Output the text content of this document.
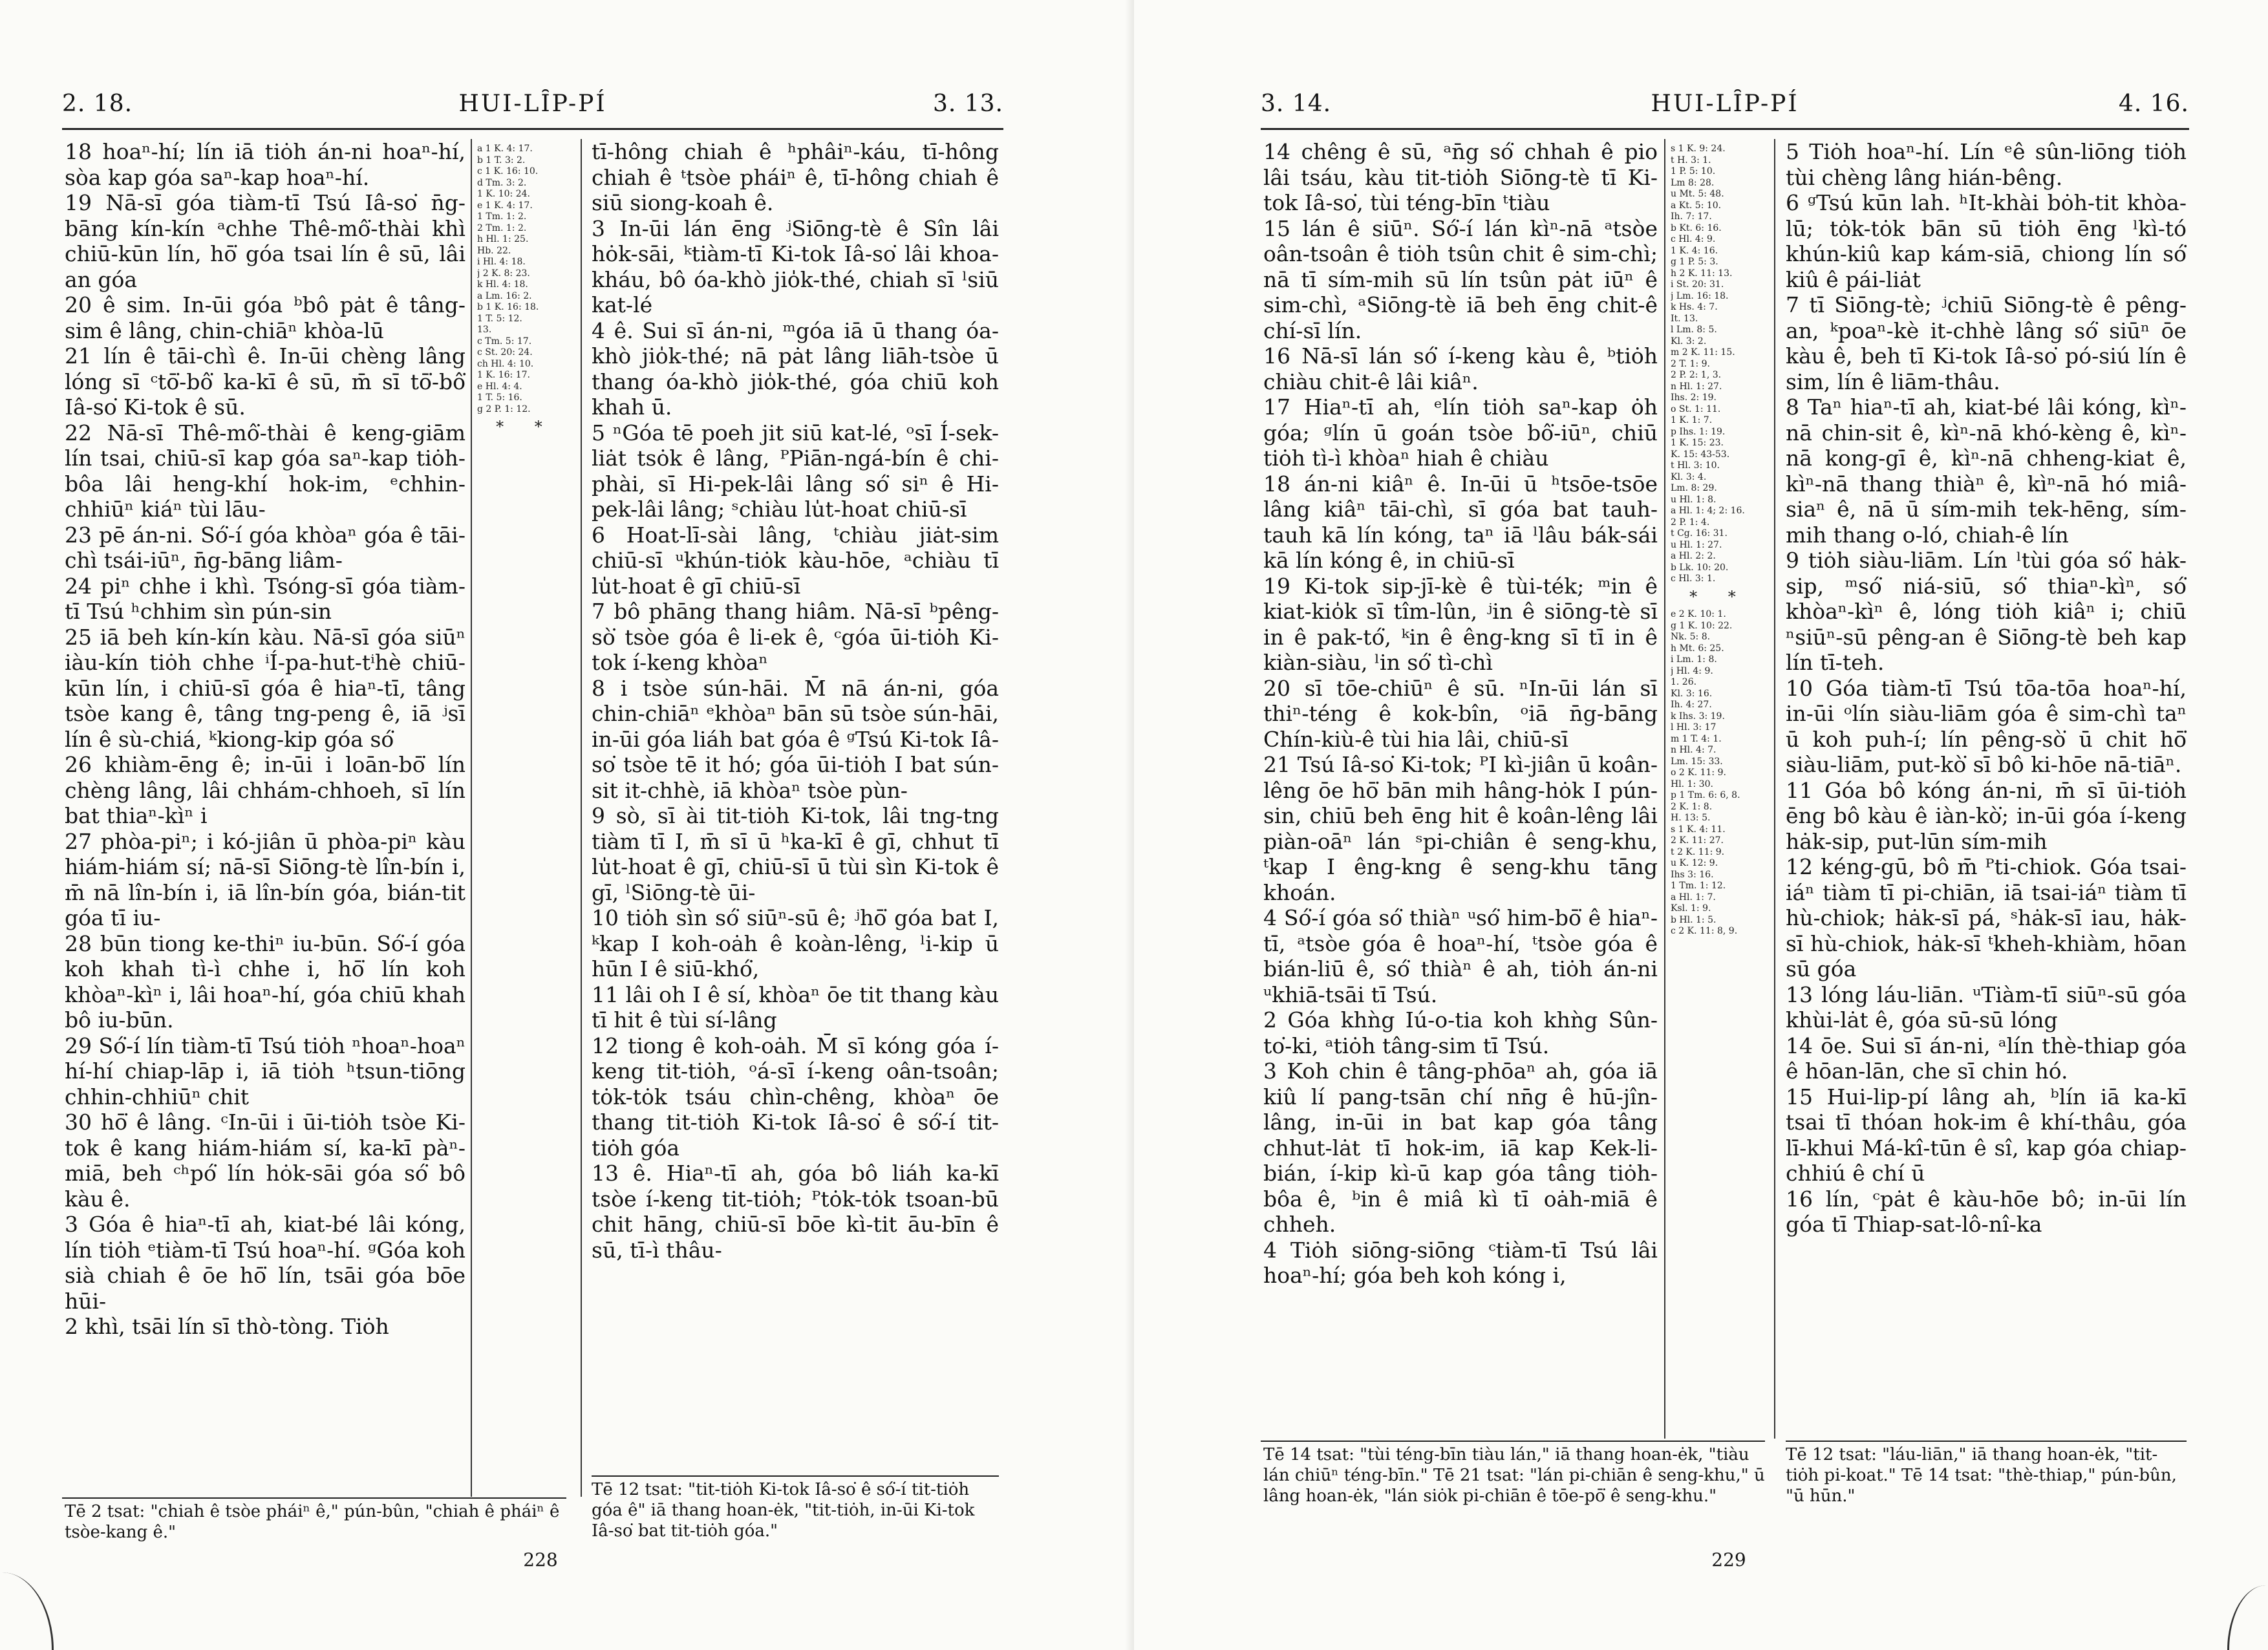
2. 18.	HUI-LȊP-PÍ	3. 13.

18 hoaⁿ-hí; lín iā tiȯh án-ni hoaⁿ-hí, sòa kap góa saⁿ-kap hoaⁿ-hí.

19 Nā-sī góa tiàm-tī Tsú Iâ-so͘ n̄g-bāng kín-kín ᵃchhe Thê-mô͘-thài khì chiū-kūn lín, hō͘ góa tsai lín ê sū, lâi an góa

20 ê sim. In-ūi góa ᵇbô pȧt ê tâng-sim ê lâng, chin-chiāⁿ khòa-lū

21 lín ê tāi-chì ê. In-ūi chèng lâng lóng sī ᶜtō͘-bô͘ ka-kī ê sū, m̄ sī tō͘-bô͘ Iâ-so͘ Ki-tok ê sū.

22 Nā-sī Thê-mô͘-thài ê keng-giām lín tsai, chiū-sī kap góa saⁿ-kap tiȯh-bôa lâi heng-khí hok-im, ᵉchhin-chhiūⁿ kiáⁿ tùi lāu-

23 pē án-ni. Só͘-í góa khòaⁿ góa ê tāi-chì tsái-iūⁿ, n̄g-bāng liâm-

24 piⁿ chhe i khì. Tsóng-sī góa tiàm-tī Tsú ʰchhim sìn pún-sin

25 iā beh kín-kín kàu. Nā-sī góa siūⁿ iàu-kín tiȯh chhe ⁱÍ-pa-hut-tⁱhè chiū-kūn lín, i chiū-sī góa ê hiaⁿ-tī, tâng tsòe kang ê, tâng tng-peng ê, iā ʲsī lín ê sù-chiá, ᵏkiong-kip góa só͘

26 khiàm-ēng ê; in-ūi i loān-bō͘ lín chèng lâng, lâi chhám-chhoeh, sī lín bat thiaⁿ-kìⁿ i

27 phòa-piⁿ; i kó-jiân ū phòa-piⁿ kàu hiám-hiám sí; nā-sī Siōng-tè lîn-bín i, m̄ nā lîn-bín i, iā lîn-bín góa, bián-tit góa tī iu-

28 būn tiong ke-thiⁿ iu-būn. Só͘-í góa koh khah tì-ì chhe i, hō͘ lín koh khòaⁿ-kìⁿ i, lâi hoaⁿ-hí, góa chiū khah bô iu-būn.

29 Só͘-í lín tiàm-tī Tsú tiȯh ⁿhoaⁿ-hoaⁿ hí-hí chiap-lāp i, iā tiȯh ʰtsun-tiōng chhin-chhiūⁿ chit

30 hō͘ ê lâng. ᶜIn-ūi i ūi-tiȯh tsòe Ki-tok ê kang hiám-hiám sí, ka-kī pàⁿ-miā, beh ᶜʰpó͘ lín hȯk-sāi góa só͘ bô kàu ê.

3 Góa ê hiaⁿ-tī ah, kiat-bé lâi kóng, lín tiȯh ᵉtiàm-tī Tsú hoaⁿ-hí. ᵍGóa koh sià chiah ê ōe hō͘ lín, tsāi góa bōe hūi-

2 khì, tsāi lín sī thò-tòng. Tiȯh

a 1 K. 4: 17.
b 1 T. 3: 2.
c 1 K. 16: 10.
d Tm. 3: 2.
1 K. 10: 24.
e 1 K. 4: 17.
1 Tm. 1: 2.
2 Tm. 1: 2.
h Hl. 1: 25.
Hb. 22.
i Hl. 4: 18.
j 2 K. 8: 23.
k Hl. 4: 18.
a Lm. 16: 2.
b 1 K. 16: 18.
1 T. 5: 12.
13.
c Tm. 5: 17.
c St. 20: 24.
ch Hl. 4: 10.
1 K. 16: 17.
e Hl. 4: 4.
1 T. 5: 16.
g 2 P. 1: 12.
* *

tī-hông chiah ê ʰphâiⁿ-káu, tī-hông chiah ê ᵗtsòe pháiⁿ ê, tī-hông chiah ê siū siong-koah ê.

3 In-ūi lán ēng ʲSiōng-tè ê Sîn lâi hȯk-sāi, ᵏtiàm-tī Ki-tok Iâ-so͘ lâi khoa-kháu, bô óa-khò jio̍k-thé, chiah sī ˡsiū kat-lé

4 ê. Sui sī án-ni, ᵐgóa iā ū thang óa-khò jio̍k-thé; nā pȧt lâng liāh-tsòe ū thang óa-khò jio̍k-thé, góa chiū koh khah ū.

5 ⁿGóa tē poeh jit siū kat-lé, ᵒsī Í-sek-liȧt tsȯk ê lâng, ᴾPiān-ngá-bín ê chi-phài, sī Hi-pek-lâi lâng só͘ siⁿ ê Hi-pek-lâi lâng; ˢchiàu lu̍t-hoat chiū-sī

6 Hoat-lī-sài lâng, ᵗchiàu jiȧt-sim chiū-sī ᵘkhún-tiȯk kàu-hōe, ᵃchiàu tī lu̍t-hoat ê gī chiū-sī

7 bô phāng thang hiâm. Nā-sī ᵇpêng-sò͘ tsòe góa ê li-ek ê, ᶜgóa ūi-tiȯh Ki-tok í-keng khòaⁿ

8 i tsòe sún-hāi. M̄ nā án-ni, góa chin-chiāⁿ ᵉkhòaⁿ bān sū tsòe sún-hāi, in-ūi góa liáh bat góa ê ᵍTsú Ki-tok Iâ-so͘ tsòe tē it hó; góa ūi-tiȯh I bat sún-sit it-chhè, iā khòaⁿ tsòe pùn-

9 sò, sī ài tit-tiȯh Ki-tok, lâi tng-tng tiàm tī I, m̄ sī ū ʰka-kī ê gī, chhut tī lu̍t-hoat ê gī, chiū-sī ū tùi sìn Ki-tok ê gī, ˡSiōng-tè ūi-

10 tiȯh sìn só͘ siūⁿ-sū ê; ʲhō͘ góa bat I, ᵏkap I koh-oȧh ê koàn-lêng, ˡi-kip ū hūn I ê siū-khó͘,

11 lâi oh I ê sí, khòaⁿ ōe tit thang kàu tī hit ê tùi sí-lâng

12 tiong ê koh-oȧh. M̄ sī kóng góa í-keng tit-tiȯh, ᵒá-sī í-keng oân-tsoân; tȯk-tȯk tsáu chìn-chêng, khòaⁿ ōe thang tit-tiȯh Ki-tok Iâ-so͘ ê só͘-í tit-tiȯh góa

13 ê. Hiaⁿ-tī ah, góa bô liáh ka-kī tsòe í-keng tit-tiȯh; ᴾtȯk-tȯk tsoan-bū chit hāng, chiū-sī bōe kì-tit āu-bīn ê sū, tī-ì thâu-

Tē 2 tsat: "chiah ê tsòe pháiⁿ ê," pún-bûn, "chiah ê pháiⁿ ê tsòe-kang ê."

Tē 12 tsat: "tit-tiȯh Ki-tok Iâ-so͘ ê só͘-í tit-tiȯh góa ê" iā thang hoan-ėk, "tit-tiȯh, in-ūi Ki-tok Iâ-so͘ bat tit-tiȯh góa."

228
3. 14.	HUI-LȊP-PÍ	4. 16.

14 chêng ê sū, ᵃn̄g só͘ chhah ê pio lâi tsáu, kàu tit-tiȯh Siōng-tè tī Ki-tok Iâ-so͘, tùi téng-bīn ᵗtiàu

15 lán ê siūⁿ. Só͘-í lán kìⁿ-nā ᵃtsòe oân-tsoân ê tiȯh tsûn chit ê sim-chì; nā tī sím-mih sū lín tsûn pȧt iūⁿ ê sim-chì, ᵃSiōng-tè iā beh ēng chit-ê chí-sī lín.

16 Nā-sī lán só͘ í-keng kàu ê, ᵇtiȯh chiàu chit-ê lâi kiâⁿ.

17 Hiaⁿ-tī ah, ᵉlín tiȯh saⁿ-kap ȯh góa; ᵍlín ū goán tsòe bô͘-iūⁿ, chiū tiȯh tì-ì khòaⁿ hiah ê chiàu

18 án-ni kiâⁿ ê. In-ūi ū ʰtsōe-tsōe lâng kiâⁿ tāi-chì, sī góa bat tauh-tauh kā lín kóng, taⁿ iā ˡlâu bák-sái kā lín kóng ê, in chiū-sī

19 Ki-tok sip-jī-kè ê tùi-ték; ᵐin ê kiat-kio̍k sī tîm-lûn, ʲin ê siōng-tè sī in ê pak-tó͘, ᵏin ê êng-kng sī tī in ê kiàn-siàu, ˡin só͘ tì-chì

20 sī tōe-chiūⁿ ê sū. ⁿIn-ūi lán sī thiⁿ-téng ê kok-bîn, ᵒiā n̄g-bāng Chín-kiù-ê tùi hia lâi, chiū-sī

21 Tsú Iâ-so͘ Ki-tok; ᴾI kì-jiân ū koân-lêng ōe hō͘ bān mih hâng-hȯk I pún-sin, chiū beh ēng hit ê koân-lêng lâi piàn-oāⁿ lán ˢpi-chiân ê seng-khu, ᵗkap I êng-kng ê seng-khu tāng khoán.

4 Só͘-í góa só͘ thiàⁿ ᵘsó͘ him-bō͘ ê hiaⁿ-tī, ᵃtsòe góa ê hoaⁿ-hí, ᵗtsòe góa ê bián-liū ê, só͘ thiàⁿ ê ah, tiȯh án-ni ᵘkhiā-tsāi tī Tsú.

2 Góa khǹg Iú-o-tia koh khǹg Sûn-to͘-ki, ᵃtiȯh tâng-sim tī Tsú.

3 Koh chin ê tâng-phōaⁿ ah, góa iā kiû lí pang-tsān chí nn̄g ê hū-jîn-lâng, in-ūi in bat kap góa tâng chhut-lȧt tī hok-im, iā kap Kek-li-bián, í-kip kì-ū kap góa tâng tiȯh-bôa ê, ᵇin ê miâ kì tī oȧh-miā ê chheh.

4 Tiȯh siōng-siōng ᶜtiàm-tī Tsú lâi hoaⁿ-hí; góa beh koh kóng i,

s 1 K. 9: 24.
t H. 3: 1.
1 P. 5: 10.
Lm 8: 28.
u Mt. 5: 48.
a Kt. 5: 10.
Ih. 7: 17.
b Kt. 6: 16.
c Hl. 4: 9.
1 K. 4: 16.
g 1 P. 5: 3.
h 2 K. 11: 13.
i St. 20: 31.
j Lm. 16: 18.
k Hs. 4: 7.
It. 13.
l Lm. 8: 5.
Kl. 3: 2.
m 2 K. 11: 15.
2 T. 1: 9.
2 P. 2: 1, 3.
n Hl. 1: 27.
Ihs. 2: 19.
o St. 1: 11.
1 K. 1: 7.
p Ihs. 1: 19.
1 K. 15: 23.
K. 15: 43-53.
t Hl. 3: 10.
Kl. 3: 4.
Lm. 8: 29.
u Hl. 1: 8.
a Hl. 1: 4; 2: 16.
2 P. 1: 4.
t Cg. 16: 31.
u Hl. 1: 27.
a Hl. 2: 2.
b Lk. 10: 20.
c Hl. 3: 1.
* *
e 2 K. 10: 1.
g 1 K. 10: 22.
Nk. 5: 8.
h Mt. 6: 25.
i Lm. 1: 8.
j Hl. 4: 9.
1. 26.
Kl. 3: 16.
Ih. 4: 27.
k Ihs. 3: 19.
l Hl. 3: 17
m 1 T. 4: 1.
n Hl. 4: 7.
Lm. 15: 33.
o 2 K. 11: 9.
Hl. 1: 30.
p 1 Tm. 6: 6, 8.
2 K. 1: 8.
H. 13: 5.
s 1 K. 4: 11.
2 K. 11: 27.
t 2 K. 11: 9.
u K. 12: 9.
Ihs 3: 16.
1 Tm. 1: 12.
a Hl. 1: 7.
Ksl. 1: 9.
b Hl. 1: 5.
c 2 K. 11: 8, 9.

5 Tiȯh hoaⁿ-hí. Lín ᵉê sûn-liōng tiȯh tùi chèng lâng hián-bêng.

6 ᵍTsú kūn lah. ʰIt-khài bȯh-tit khòa-lū; tȯk-tȯk bān sū tiȯh ēng ˡkì-tó khún-kiû kap kám-siā, chiong lín só͘ kiû ê pái-liȧt

7 tī Siōng-tè; ʲchiū Siōng-tè ê pêng-an, ᵏpoaⁿ-kè it-chhè lâng só͘ siūⁿ ōe kàu ê, beh tī Ki-tok Iâ-so͘ pó-siú lín ê sim, lín ê liām-thâu.

8 Taⁿ hiaⁿ-tī ah, kiat-bé lâi kóng, kìⁿ-nā chin-sit ê, kìⁿ-nā khó-kèng ê, kìⁿ-nā kong-gī ê, kìⁿ-nā chheng-kiat ê, kìⁿ-nā thang thiàⁿ ê, kìⁿ-nā hó miâ-siaⁿ ê, nā ū sím-mih tek-hēng, sím-mih thang o-ló, chiah-ê lín

9 tiȯh siàu-liām. Lín ˡtùi góa só͘ hȧk-sip, ᵐsó͘ niá-siū, só͘ thiaⁿ-kìⁿ, só͘ khòaⁿ-kìⁿ ê, lóng tiȯh kiâⁿ i; chiū ⁿsiūⁿ-sū pêng-an ê Siōng-tè beh kap lín tī-teh.

10 Góa tiàm-tī Tsú tōa-tōa hoaⁿ-hí, in-ūi ᵒlín siàu-liām góa ê sim-chì taⁿ ū koh puh-í; lín pêng-sò͘ ū chit hō͘ siàu-liām, put-kò͘ sī bô ki-hōe nā-tiāⁿ.

11 Góa bô kóng án-ni, m̄ sī ūi-tiȯh ēng bô kàu ê iàn-kò͘; in-ūi góa í-keng hȧk-sip, put-lūn sím-mih

12 kéng-gū, bô m̄ ᴾti-chiok. Góa tsai-iáⁿ tiàm tī pi-chiān, iā tsai-iáⁿ tiàm tī hù-chiok; hȧk-sī pá, ˢhȧk-sī iau, hȧk-sī hù-chiok, hȧk-sī ᵗkheh-khiàm, hōan sū góa

13 lóng láu-liān. ᵘTiàm-tī siūⁿ-sū góa khùi-lȧt ê, góa sū-sū lóng

14 ōe. Sui sī án-ni, ᵃlín thè-thiap góa ê hōan-lān, che sī chin hó.

15 Hui-lip-pí lâng ah, ᵇlín iā ka-kī tsai tī thóan hok-im ê khí-thâu, góa lī-khui Má-kî-tūn ê sî, kap góa chiap-chhiú ê chí ū

16 lín, ᶜpȧt ê kàu-hōe bô; in-ūi lín góa tī Thiap-sat-lô-nî-ka

Tē 14 tsat: "tùi téng-bīn tiàu lán," iā thang hoan-ėk, "tiàu lán chiūⁿ téng-bīn." Tē 21 tsat: "lán pi-chiān ê seng-khu," ū lâng hoan-ėk, "lán siȯk pi-chiān ê tōe-pō͘ ê seng-khu."

Tē 12 tsat: "láu-liān," iā thang hoan-ėk, "tit-tiȯh pi-koat." Tē 14 tsat: "thè-thiap," pún-bûn, "ū hūn."

229
